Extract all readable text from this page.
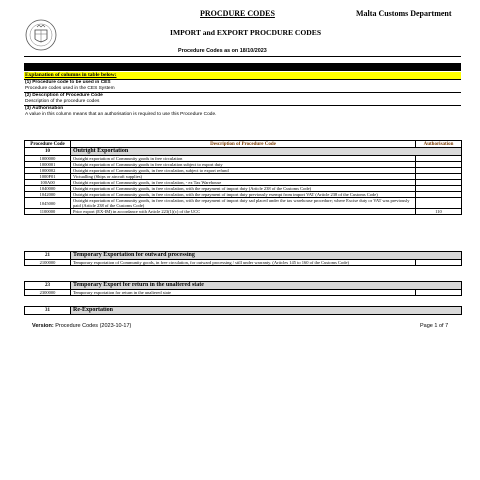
PROCDURE CODES	Malta Customs Department
IMPORT and EXPORT PROCDURE CODES
Procedure Codes as on 18/10/2023
Explanation of columns in table below:
(1) Procedure code to be used in CES
Procedure codes used in the CES System
(2) Description of Procedure Code
Description of the procedure codes
(3) Authorisation
A value in this column means that an authorisation is required to use this Procedure Code.
Procedure Code	Description of Procedure Code	Authorisation
10	Outright Exportation	
1000000	Outright exportation of Community goods in free circulation	
1000001	Outright exportation of Community goods in free circulation subject to export duty	
1000002	Outright exportation of Community goods, in free circulation, subject to export refund	
1000F01	Victualling (Ships or aircraft supplies)	
100A00	Outright exportation of Community goods, in free circulation, - ex Tax Warehouse	
1040000	Outright exportation of Community goods, in free circulation, with the repayment of import duty (Article 238 of the Customs Code)	
1042000	Outright exportation of Community goods, in free circulation, with the repayment of import duty previously exempt from import VAT (Article 238 of the Customs Code)	
1045000	Outright exportation of Community goods, in free circulation, with the repayment of import duty sad placed under the tax warehouse procedure; where Excise duty or VAT was previously paid (Article 238 of the Customs Code)	
1100000	Prior export (EX-IM) in accordance with Article 223(1)(c) of the UCC	110
21	Temporary Exportation for outward processing	
2100000	Temporary exportation of Community goods, in free circulation, for outward processing / still under warranty. (Articles 145 to 160 of the Customs Code)	
23	Temporary Export for return in the unaltered state	
2300000	Temporary exportation for return in the unaltered state	
31	Re-Exportation
Version: Procedure Codes (2023-10-17)	Page 1 of 7
